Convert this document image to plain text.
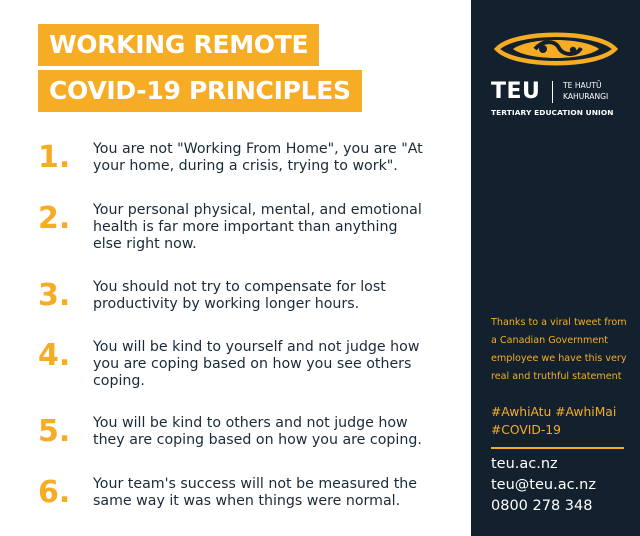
WORKING REMOTE
COVID-19 PRINCIPLES
1. You are not "Working From Home", you are "At your home, during a crisis, trying to work".
2. Your personal physical, mental, and emotional health is far more important than anything else right now.
3. You should not try to compensate for lost productivity by working longer hours.
4. You will be kind to yourself and not judge how you are coping based on how you see others coping.
5. You will be kind to others and not judge how they are coping based on how you are coping.
6. Your team's success will not be measured the same way it was when things were normal.
TEU	TE HAUTŪ KAHURANGI
TERTIARY EDUCATION UNION
Thanks to a viral tweet from a Canadian Government employee we have this very real and truthful statement
#AwhiAtu #AwhiMai #COVID-19
teu.ac.nz
teu@teu.ac.nz
0800 278 348
